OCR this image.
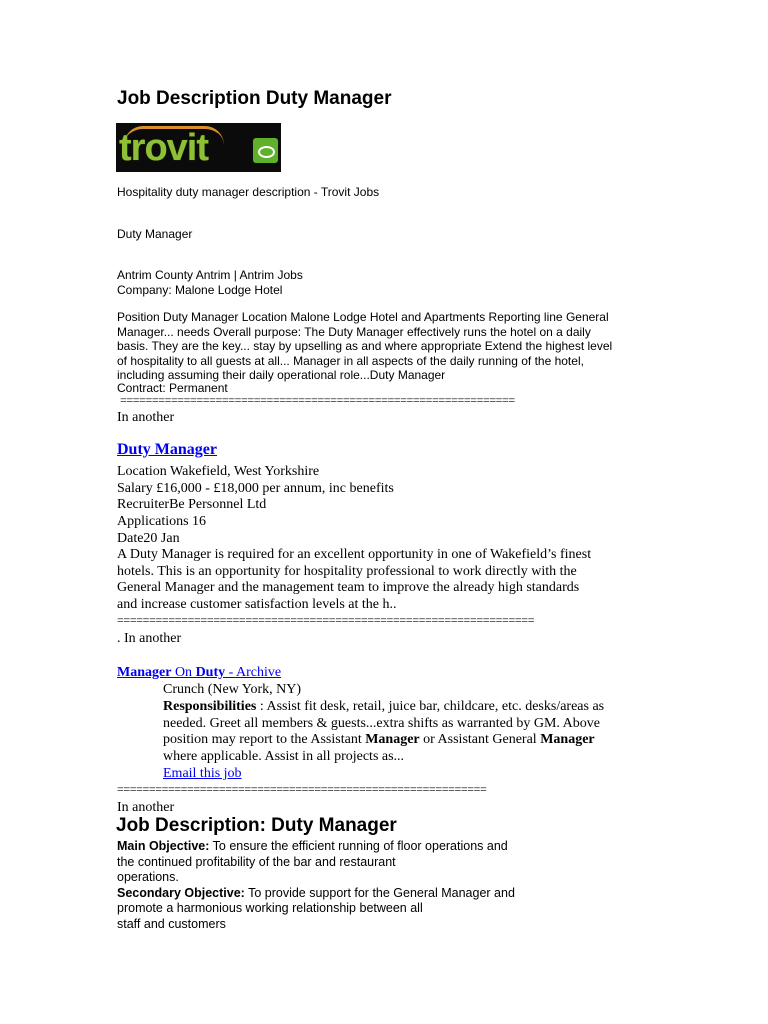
Job Description Duty Manager
trovit
Hospitality duty manager description - Trovit Jobs
Duty Manager
Antrim County Antrim | Antrim Jobs
Company: Malone Lodge Hotel
Position Duty Manager Location Malone Lodge Hotel and Apartments Reporting line General
Manager... needs Overall purpose: The Duty Manager effectively runs the hotel on a daily
basis. They are the key... stay by upselling as and where appropriate Extend the highest level
of hospitality to all guests at all... Manager in all aspects of the daily running of the hotel,
including assuming their daily operational role...Duty Manager
Contract: Permanent
==============================================================
In another
Duty Manager
Location Wakefield, West Yorkshire
Salary £16,000 - £18,000 per annum, inc benefits
RecruiterBe Personnel Ltd
Applications 16
Date20 Jan
A Duty Manager is required for an excellent opportunity in one of Wakefield’s finest
hotels. This is an opportunity for hospitality professional to work directly with the
General Manager and the management team to improve the already high standards
and increase customer satisfaction levels at the h..
=================================================================
. In another
Manager On Duty - Archive
Crunch (New York, NY)
Responsibilities : Assist fit desk, retail, juice bar, childcare, etc. desks/areas as
needed. Greet all members & guests...extra shifts as warranted by GM. Above
position may report to the Assistant Manager or Assistant General Manager
where applicable. Assist in all projects as...
Email this job
==========================================================
In another
Job Description: Duty Manager
Main Objective: To ensure the efficient running of floor operations and
the continued profitability of the bar and restaurant
operations.
Secondary Objective: To provide support for the General Manager and
promote a harmonious working relationship between all
staff and customers
